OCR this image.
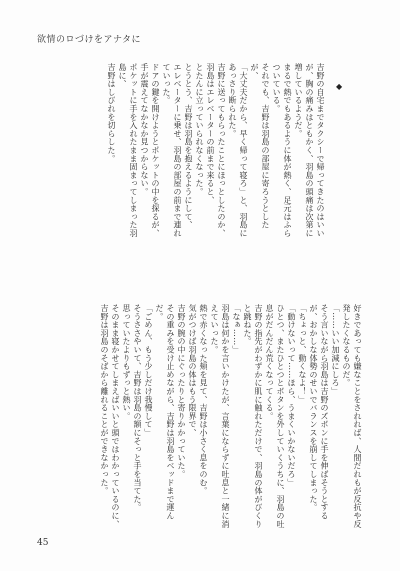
欲情のロづけをアナタに
◆

吉野の自宅までタクシーで帰ってきたのはいいが、胸の痛みはともかく、羽島の頭痛は次第に増しているようだ。

まるで熱でもあるように体が熱く、足元はふらついている。

それでも、吉野は羽島の部屋に寄ろうとしたが、

「大丈夫だから、早く帰って寝ろ」と、羽島にあっさり断られた。

吉野に送ってもらったことにほっとしたのか、羽島はエレベーターの前まで来ると、

とたんに立っていられなくなった。

とうとう、吉野は羽島を抱えるようにして、

エレベーターに乗せ、羽島の部屋の前まで連れていった。

ドアの鍵を開けようとポケットの中を探るが、

手が震えてなかなか見つからない。

ポケットに手を入れたまま固まってしまった羽島に、

吉野はしびれを切らした。

好きであっても嫌なことをされれば、人間だれもが反抗や反発したくなるものだ。

「……いい加減にしろ」

そう言いながら羽島は吉野のズボンに手を伸ばそうとするが、おかしな体勢のせいでバランスを崩してしまった。

「ちょっと、動くなよ！」

「動けないって……ほら、うまくいかないだろ」

ひとつ、またひとつとボタンを外していくうちに、羽島の吐息がだんだん荒くなってくる。

吉野の指先がわずかに肌に触れただけで、羽島の体がびくりと跳ねた。

「なぁ……」

羽島は何かを言いかけたが、言葉にならずに吐息と一緒に消えていった。

熱で赤くなった頬を見て、吉野は小さく息をのむ。

気がつけば羽島の体はもう限界で、

吉野の腕の中にぐったりと寄りかかっていた。

その重みを受け止めながら、吉野は羽島をベッドまで運んだ。

「ごめん、もう少しだけ我慢して」

そうささやいて、吉野は羽島の額にそっと手を当てた。

思っていたよりもずっと熱い。

そのまま寝かせてしまえばいいと頭ではわかっているのに、

吉野は羽島のそばから離れることができなかった。

45
